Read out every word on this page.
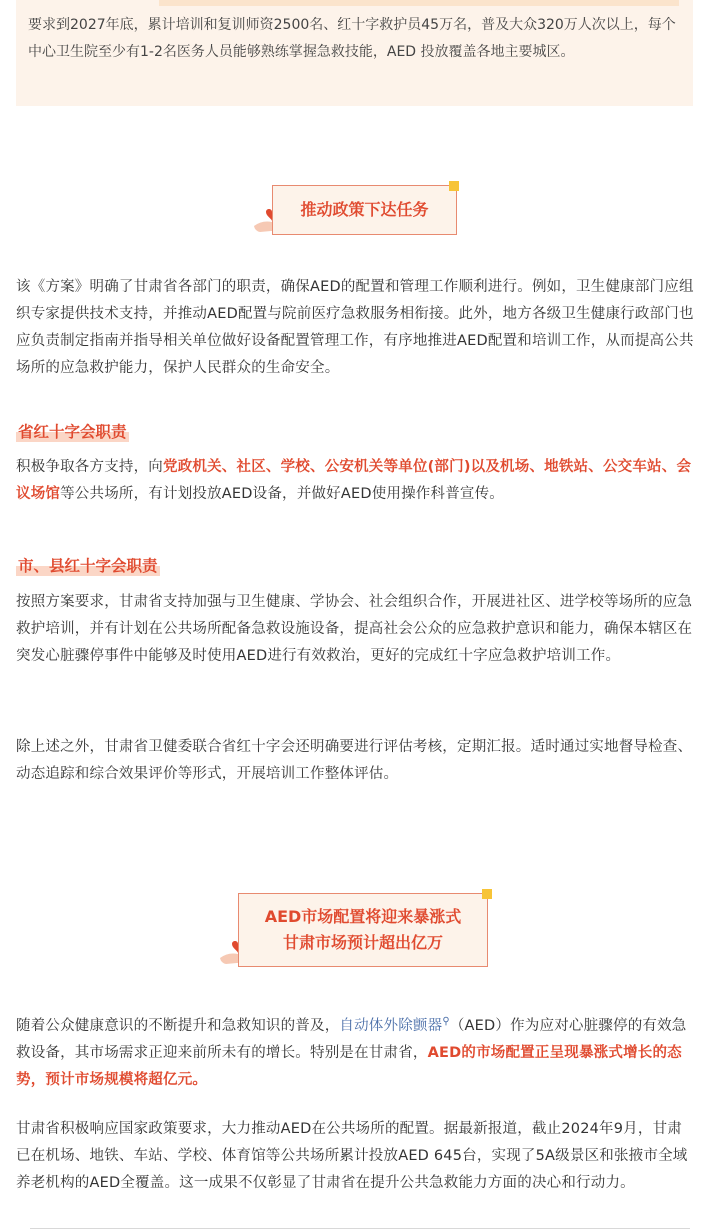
要求到2027年底，累计培训和复训师资2500名、红十字救护员45万名，普及大众320万人次以上，每个中心卫生院至少有1-2名医务人员能够熟练掌握急救技能，AED 投放覆盖各地主要城区。
推动政策下达任务

该《方案》明确了甘肃省各部门的职责，确保AED的配置和管理工作顺利进行。例如，卫生健康部门应组织专家提供技术支持，并推动AED配置与院前医疗急救服务相衔接。此外，地方各级卫生健康行政部门也应负责制定指南并指导相关单位做好设备配置管理工作，有序地推进AED配置和培训工作，从而提高公共场所的应急救护能力，保护人民群众的生命安全。

省红十字会职责

积极争取各方支持，向党政机关、社区、学校、公安机关等单位(部门)以及机场、地铁站、公交车站、会议场馆等公共场所，有计划投放AED设备，并做好AED使用操作科普宣传。

市、县红十字会职责

按照方案要求，甘肃省支持加强与卫生健康、学协会、社会组织合作，开展进社区、进学校等场所的应急救护培训，并有计划在公共场所配备急救设施设备，提高社会公众的应急救护意识和能力，确保本辖区在突发心脏骤停事件中能够及时使用AED进行有效救治，更好的完成红十字应急救护培训工作。

除上述之外，甘肃省卫健委联合省红十字会还明确要进行评估考核，定期汇报。适时通过实地督导检查、动态追踪和综合效果评价等形式，开展培训工作整体评估。

AED市场配置将迎来暴涨式
甘肃市场预计超出亿万

随着公众健康意识的不断提升和急救知识的普及，自动体外除颤器⚲（AED）作为应对心脏骤停的有效急救设备，其市场需求正迎来前所未有的增长。特别是在甘肃省，AED的市场配置正呈现暴涨式增长的态势，预计市场规模将超亿元。

甘肃省积极响应国家政策要求，大力推动AED在公共场所的配置。据最新报道，截止2024年9月，甘肃已在机场、地铁、车站、学校、体育馆等公共场所累计投放AED 645台，实现了5A级景区和张掖市全域养老机构的AED全覆盖。这一成果不仅彰显了甘肃省在提升公共急救能力方面的决心和行动力。
